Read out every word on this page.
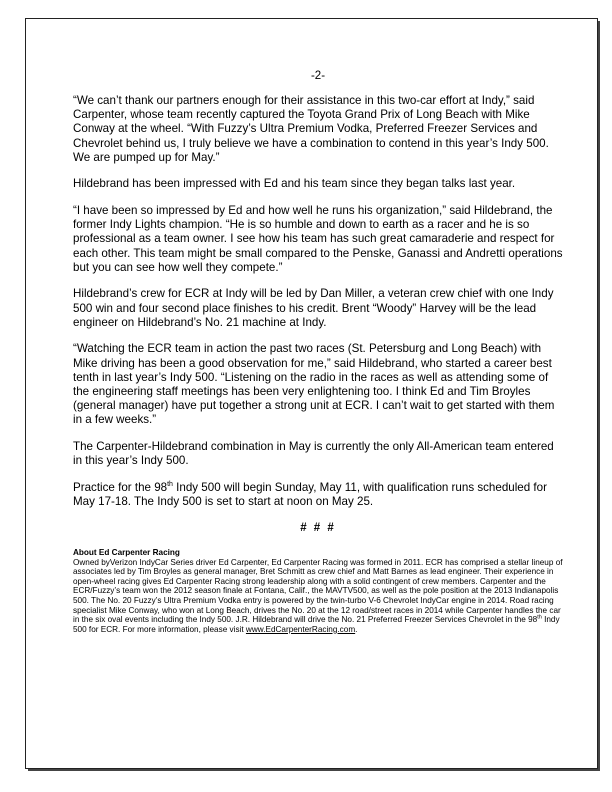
-2-

“We can’t thank our partners enough for their assistance in this two-car effort at Indy,” said Carpenter, whose team recently captured the Toyota Grand Prix of Long Beach with Mike Conway at the wheel. “With Fuzzy’s Ultra Premium Vodka, Preferred Freezer Services and Chevrolet behind us, I truly believe we have a combination to contend in this year’s Indy 500. We are pumped up for May.”

Hildebrand has been impressed with Ed and his team since they began talks last year.

“I have been so impressed by Ed and how well he runs his organization,” said Hildebrand, the former Indy Lights champion. “He is so humble and down to earth as a racer and he is so professional as a team owner. I see how his team has such great camaraderie and respect for each other. This team might be small compared to the Penske, Ganassi and Andretti operations but you can see how well they compete.”

Hildebrand’s crew for ECR at Indy will be led by Dan Miller, a veteran crew chief with one Indy 500 win and four second place finishes to his credit. Brent “Woody” Harvey will be the lead engineer on Hildebrand’s No. 21 machine at Indy.

“Watching the ECR team in action the past two races (St. Petersburg and Long Beach) with Mike driving has been a good observation for me,” said Hildebrand, who started a career best tenth in last year’s Indy 500. “Listening on the radio in the races as well as attending some of the engineering staff meetings has been very enlightening too. I think Ed and Tim Broyles (general manager) have put together a strong unit at ECR. I can’t wait to get started with them in a few weeks.”

The Carpenter-Hildebrand combination in May is currently the only All-American team entered in this year’s Indy 500.

Practice for the 98th Indy 500 will begin Sunday, May 11, with qualification runs scheduled for May 17-18. The Indy 500 is set to start at noon on May 25.

# # #

About Ed Carpenter Racing

Owned byVerizon IndyCar Series driver Ed Carpenter, Ed Carpenter Racing was formed in 2011. ECR has comprised a stellar lineup of associates led by Tim Broyles as general manager, Bret Schmitt as crew chief and Matt Barnes as lead engineer. Their experience in open-wheel racing gives Ed Carpenter Racing strong leadership along with a solid contingent of crew members. Carpenter and the ECR/Fuzzy’s team won the 2012 season finale at Fontana, Calif., the MAVTV500, as well as the pole position at the 2013 Indianapolis 500. The No. 20 Fuzzy’s Ultra Premium Vodka entry is powered by the twin-turbo V-6 Chevrolet IndyCar engine in 2014. Road racing specialist Mike Conway, who won at Long Beach, drives the No. 20 at the 12 road/street races in 2014 while Carpenter handles the car in the six oval events including the Indy 500. J.R. Hildebrand will drive the No. 21 Preferred Freezer Services Chevrolet in the 98th Indy 500 for ECR. For more information, please visit www.EdCarpenterRacing.com.
